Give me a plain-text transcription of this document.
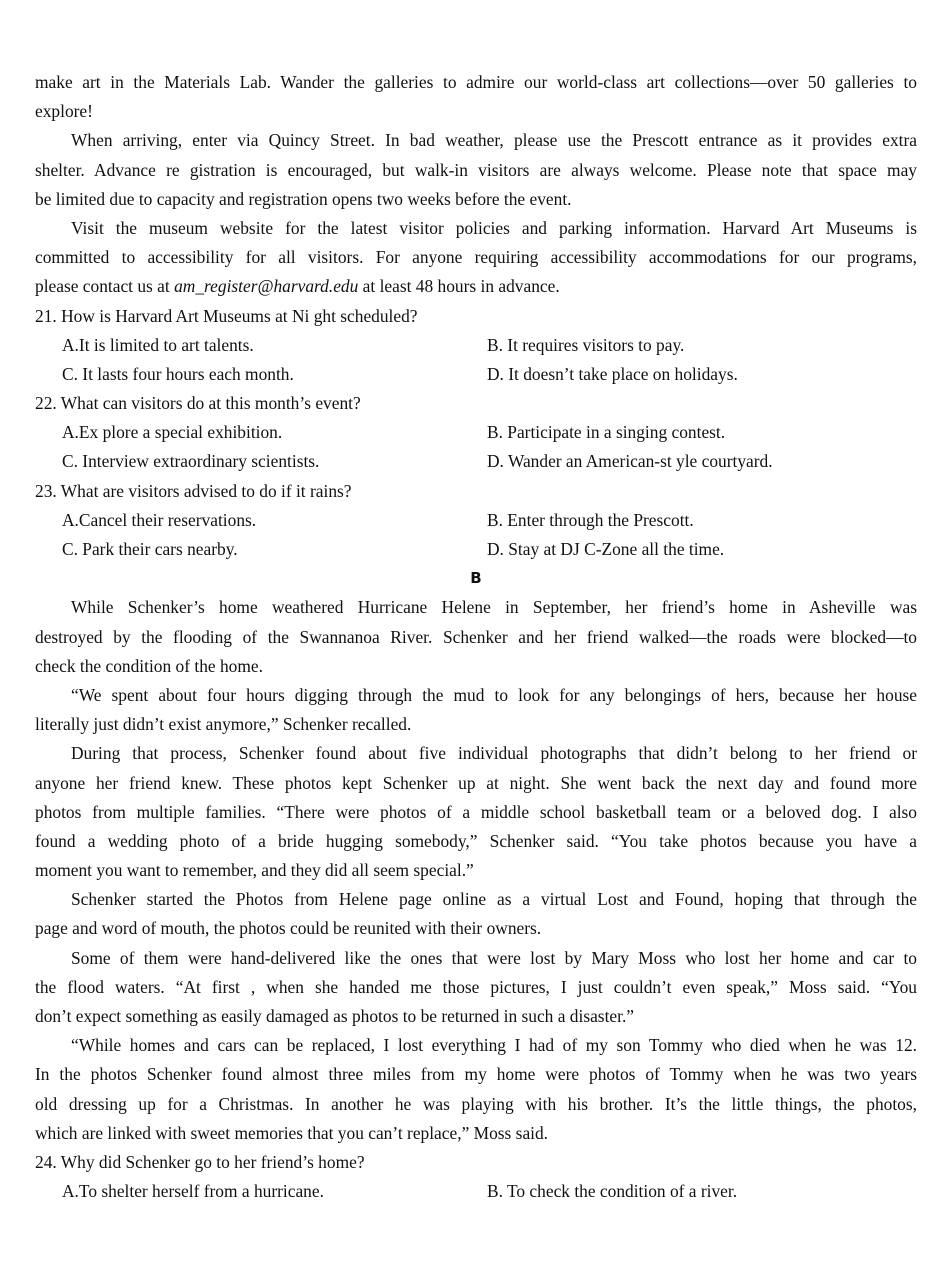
make art in the Materials Lab. Wander the galleries to admire our world-class art collections—over 50 galleries to
explore!
When arriving, enter via Quincy Street. In bad weather, please use the Prescott entrance as it provides extra
shelter. Advance re gistration is encouraged, but walk-in visitors are always welcome. Please note that space may
be limited due to capacity and registration opens two weeks before the event.
Visit the museum website for the latest visitor policies and parking information. Harvard Art Museums is
committed to accessibility for all visitors. For anyone requiring accessibility accommodations for our programs,
please contact us at am_register@harvard.edu at least 48 hours in advance.
21. How is Harvard Art Museums at Ni ght scheduled?
A.It is limited to art talents.	B. It requires visitors to pay.
C. It lasts four hours each month.	D. It doesn’t take place on holidays.
22. What can visitors do at this month’s event?
A.Ex plore a special exhibition.	B. Participate in a singing contest.
C. Interview extraordinary scientists.	D. Wander an American-st yle courtyard.
23. What are visitors advised to do if it rains?
A.Cancel their reservations.	B. Enter through the Prescott.
C. Park their cars nearby.	D. Stay at DJ C-Zone all the time.
B
While Schenker’s home weathered Hurricane Helene in September, her friend’s home in Asheville was
destroyed by the flooding of the Swannanoa River. Schenker and her friend walked—the roads were blocked—to
check the condition of the home.
“We spent about four hours digging through the mud to look for any belongings of hers, because her house
literally just didn’t exist anymore,” Schenker recalled.
During that process, Schenker found about five individual photographs that didn’t belong to her friend or
anyone her friend knew. These photos kept Schenker up at night. She went back the next day and found more
photos from multiple families. “There were photos of a middle school basketball team or a beloved dog. I also
found a wedding photo of a bride hugging somebody,” Schenker said. “You take photos because you have a
moment you want to remember, and they did all seem special.”
Schenker started the Photos from Helene page online as a virtual Lost and Found, hoping that through the
page and word of mouth, the photos could be reunited with their owners.
Some of them were hand-delivered like the ones that were lost by Mary Moss who lost her home and car to
the flood waters. “At first , when she handed me those pictures, I just couldn’t even speak,” Moss said. “You
don’t expect something as easily damaged as photos to be returned in such a disaster.”
“While homes and cars can be replaced, I lost everything I had of my son Tommy who died when he was 12.
In the photos Schenker found almost three miles from my home were photos of Tommy when he was two years
old dressing up for a Christmas. In another he was playing with his brother. It’s the little things, the photos,
which are linked with sweet memories that you can’t replace,” Moss said.
24. Why did Schenker go to her friend’s home?
A.To shelter herself from a hurricane.	B. To check the condition of a river.
